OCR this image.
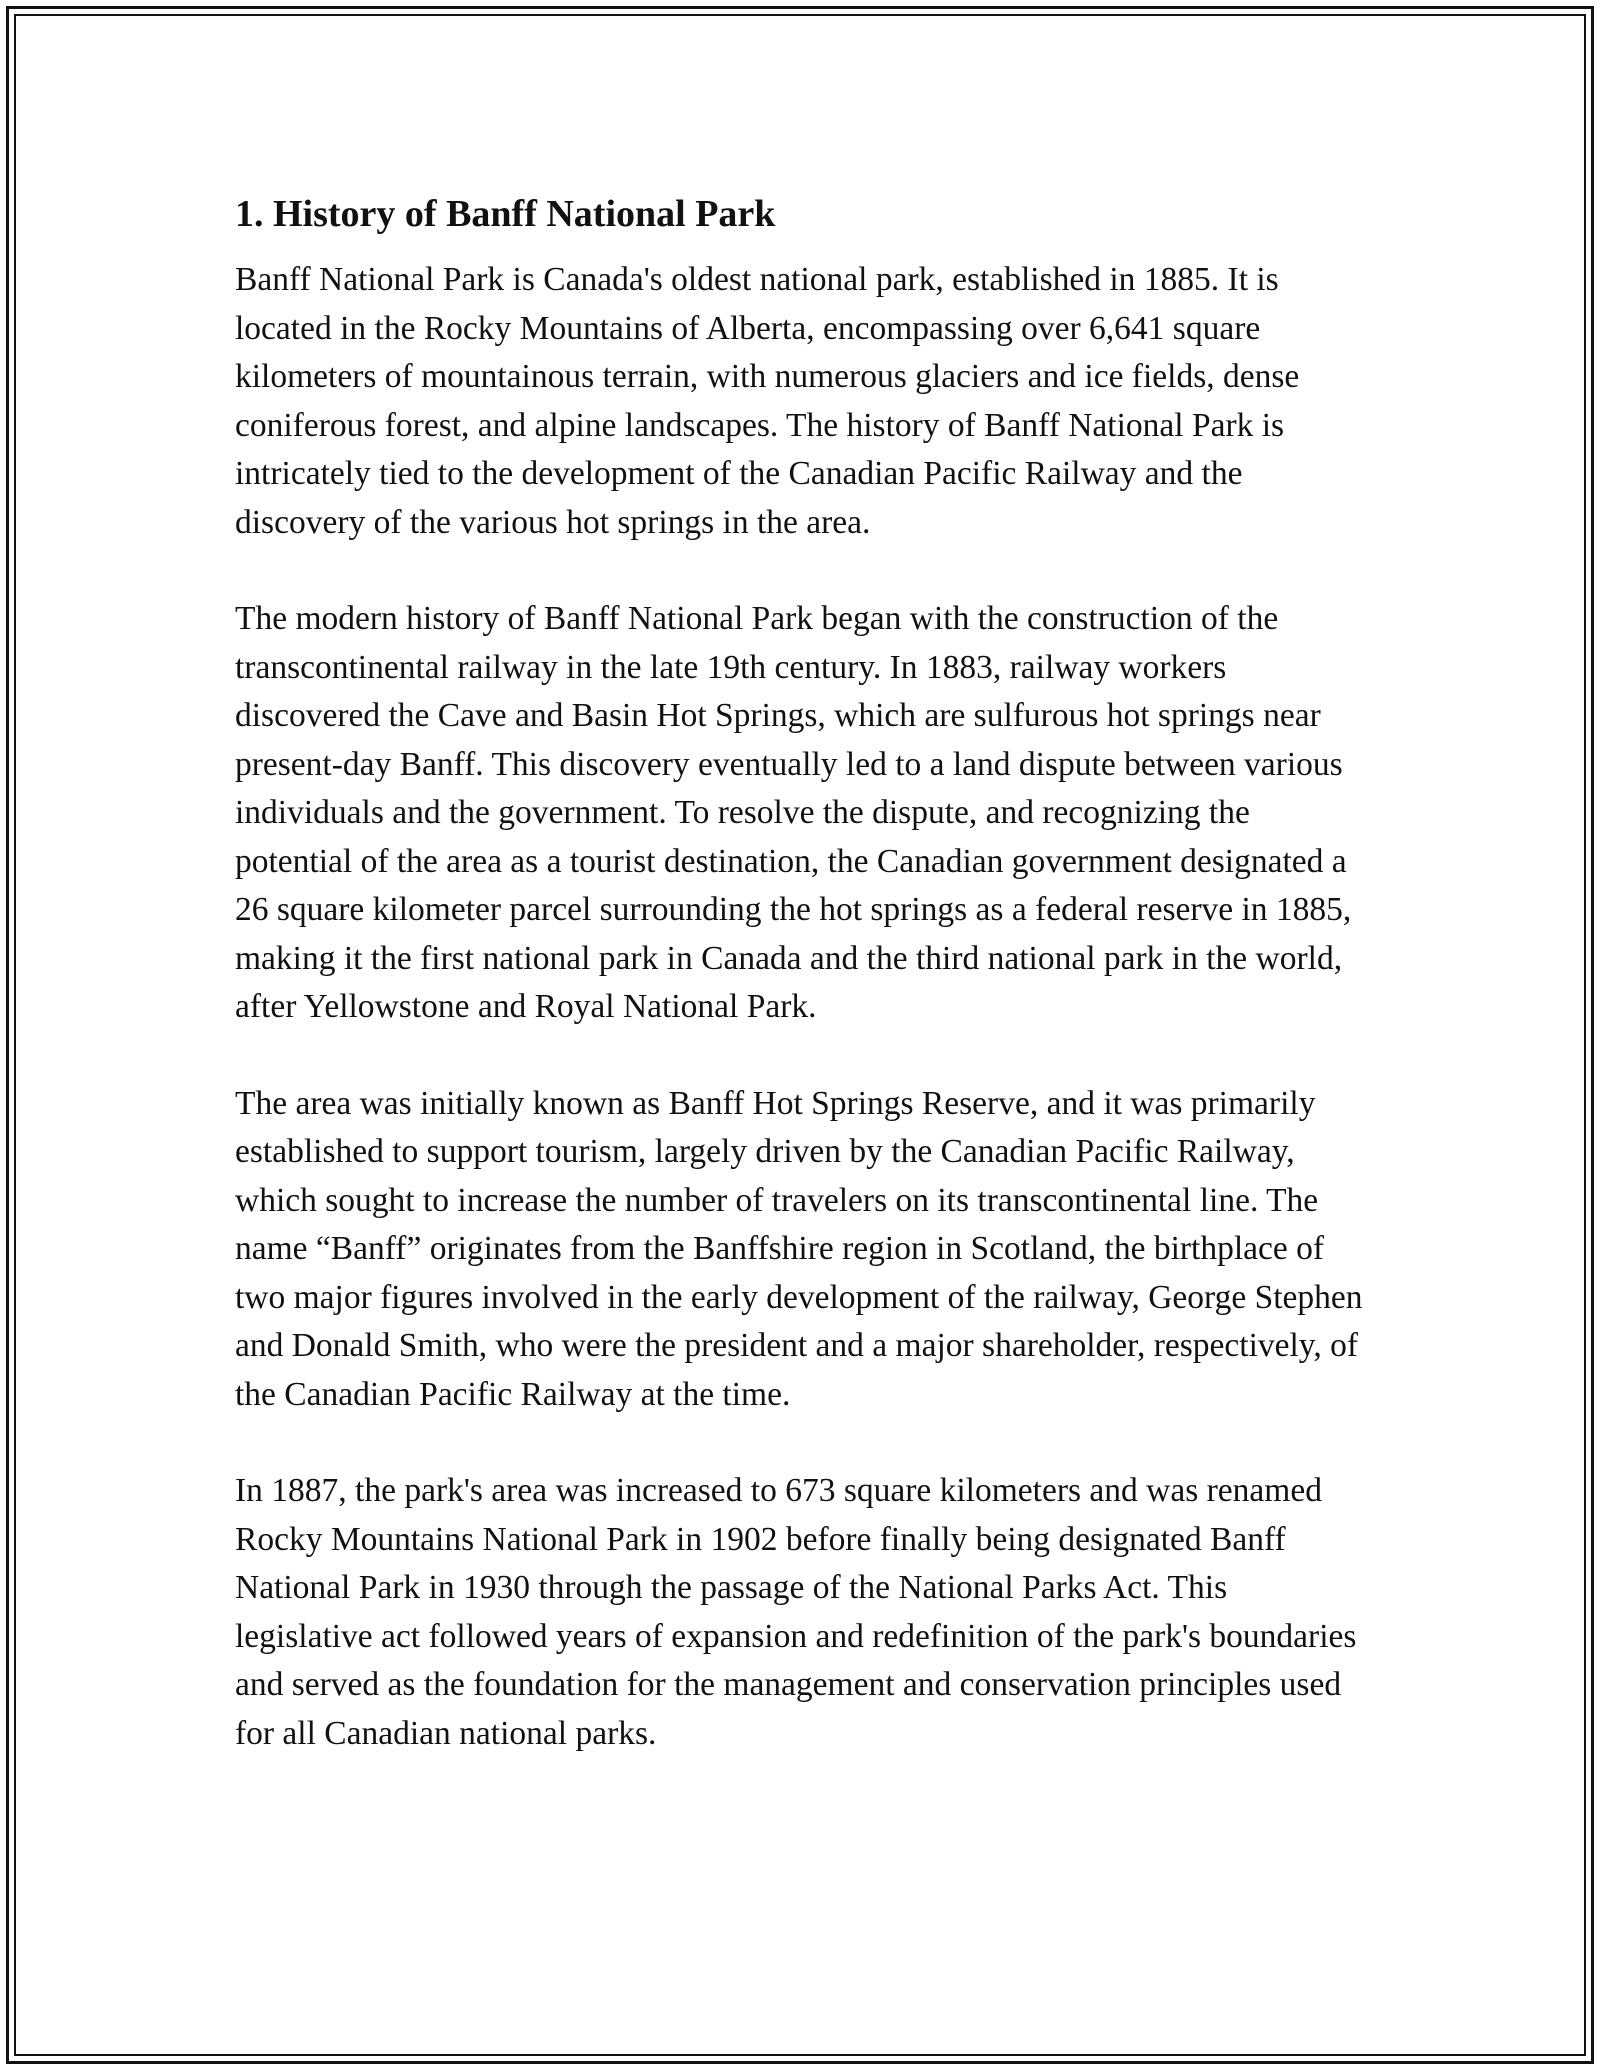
1. History of Banff National Park

Banff National Park is Canada's oldest national park, established in 1885. It is located in the Rocky Mountains of Alberta, encompassing over 6,641 square kilometers of mountainous terrain, with numerous glaciers and ice fields, dense coniferous forest, and alpine landscapes. The history of Banff National Park is intricately tied to the development of the Canadian Pacific Railway and the discovery of the various hot springs in the area.

The modern history of Banff National Park began with the construction of the transcontinental railway in the late 19th century. In 1883, railway workers discovered the Cave and Basin Hot Springs, which are sulfurous hot springs near present-day Banff. This discovery eventually led to a land dispute between various individuals and the government. To resolve the dispute, and recognizing the potential of the area as a tourist destination, the Canadian government designated a 26 square kilometer parcel surrounding the hot springs as a federal reserve in 1885, making it the first national park in Canada and the third national park in the world, after Yellowstone and Royal National Park.

The area was initially known as Banff Hot Springs Reserve, and it was primarily established to support tourism, largely driven by the Canadian Pacific Railway, which sought to increase the number of travelers on its transcontinental line. The name “Banff” originates from the Banffshire region in Scotland, the birthplace of two major figures involved in the early development of the railway, George Stephen and Donald Smith, who were the president and a major shareholder, respectively, of the Canadian Pacific Railway at the time.

In 1887, the park's area was increased to 673 square kilometers and was renamed Rocky Mountains National Park in 1902 before finally being designated Banff National Park in 1930 through the passage of the National Parks Act. This legislative act followed years of expansion and redefinition of the park's boundaries and served as the foundation for the management and conservation principles used for all Canadian national parks.
